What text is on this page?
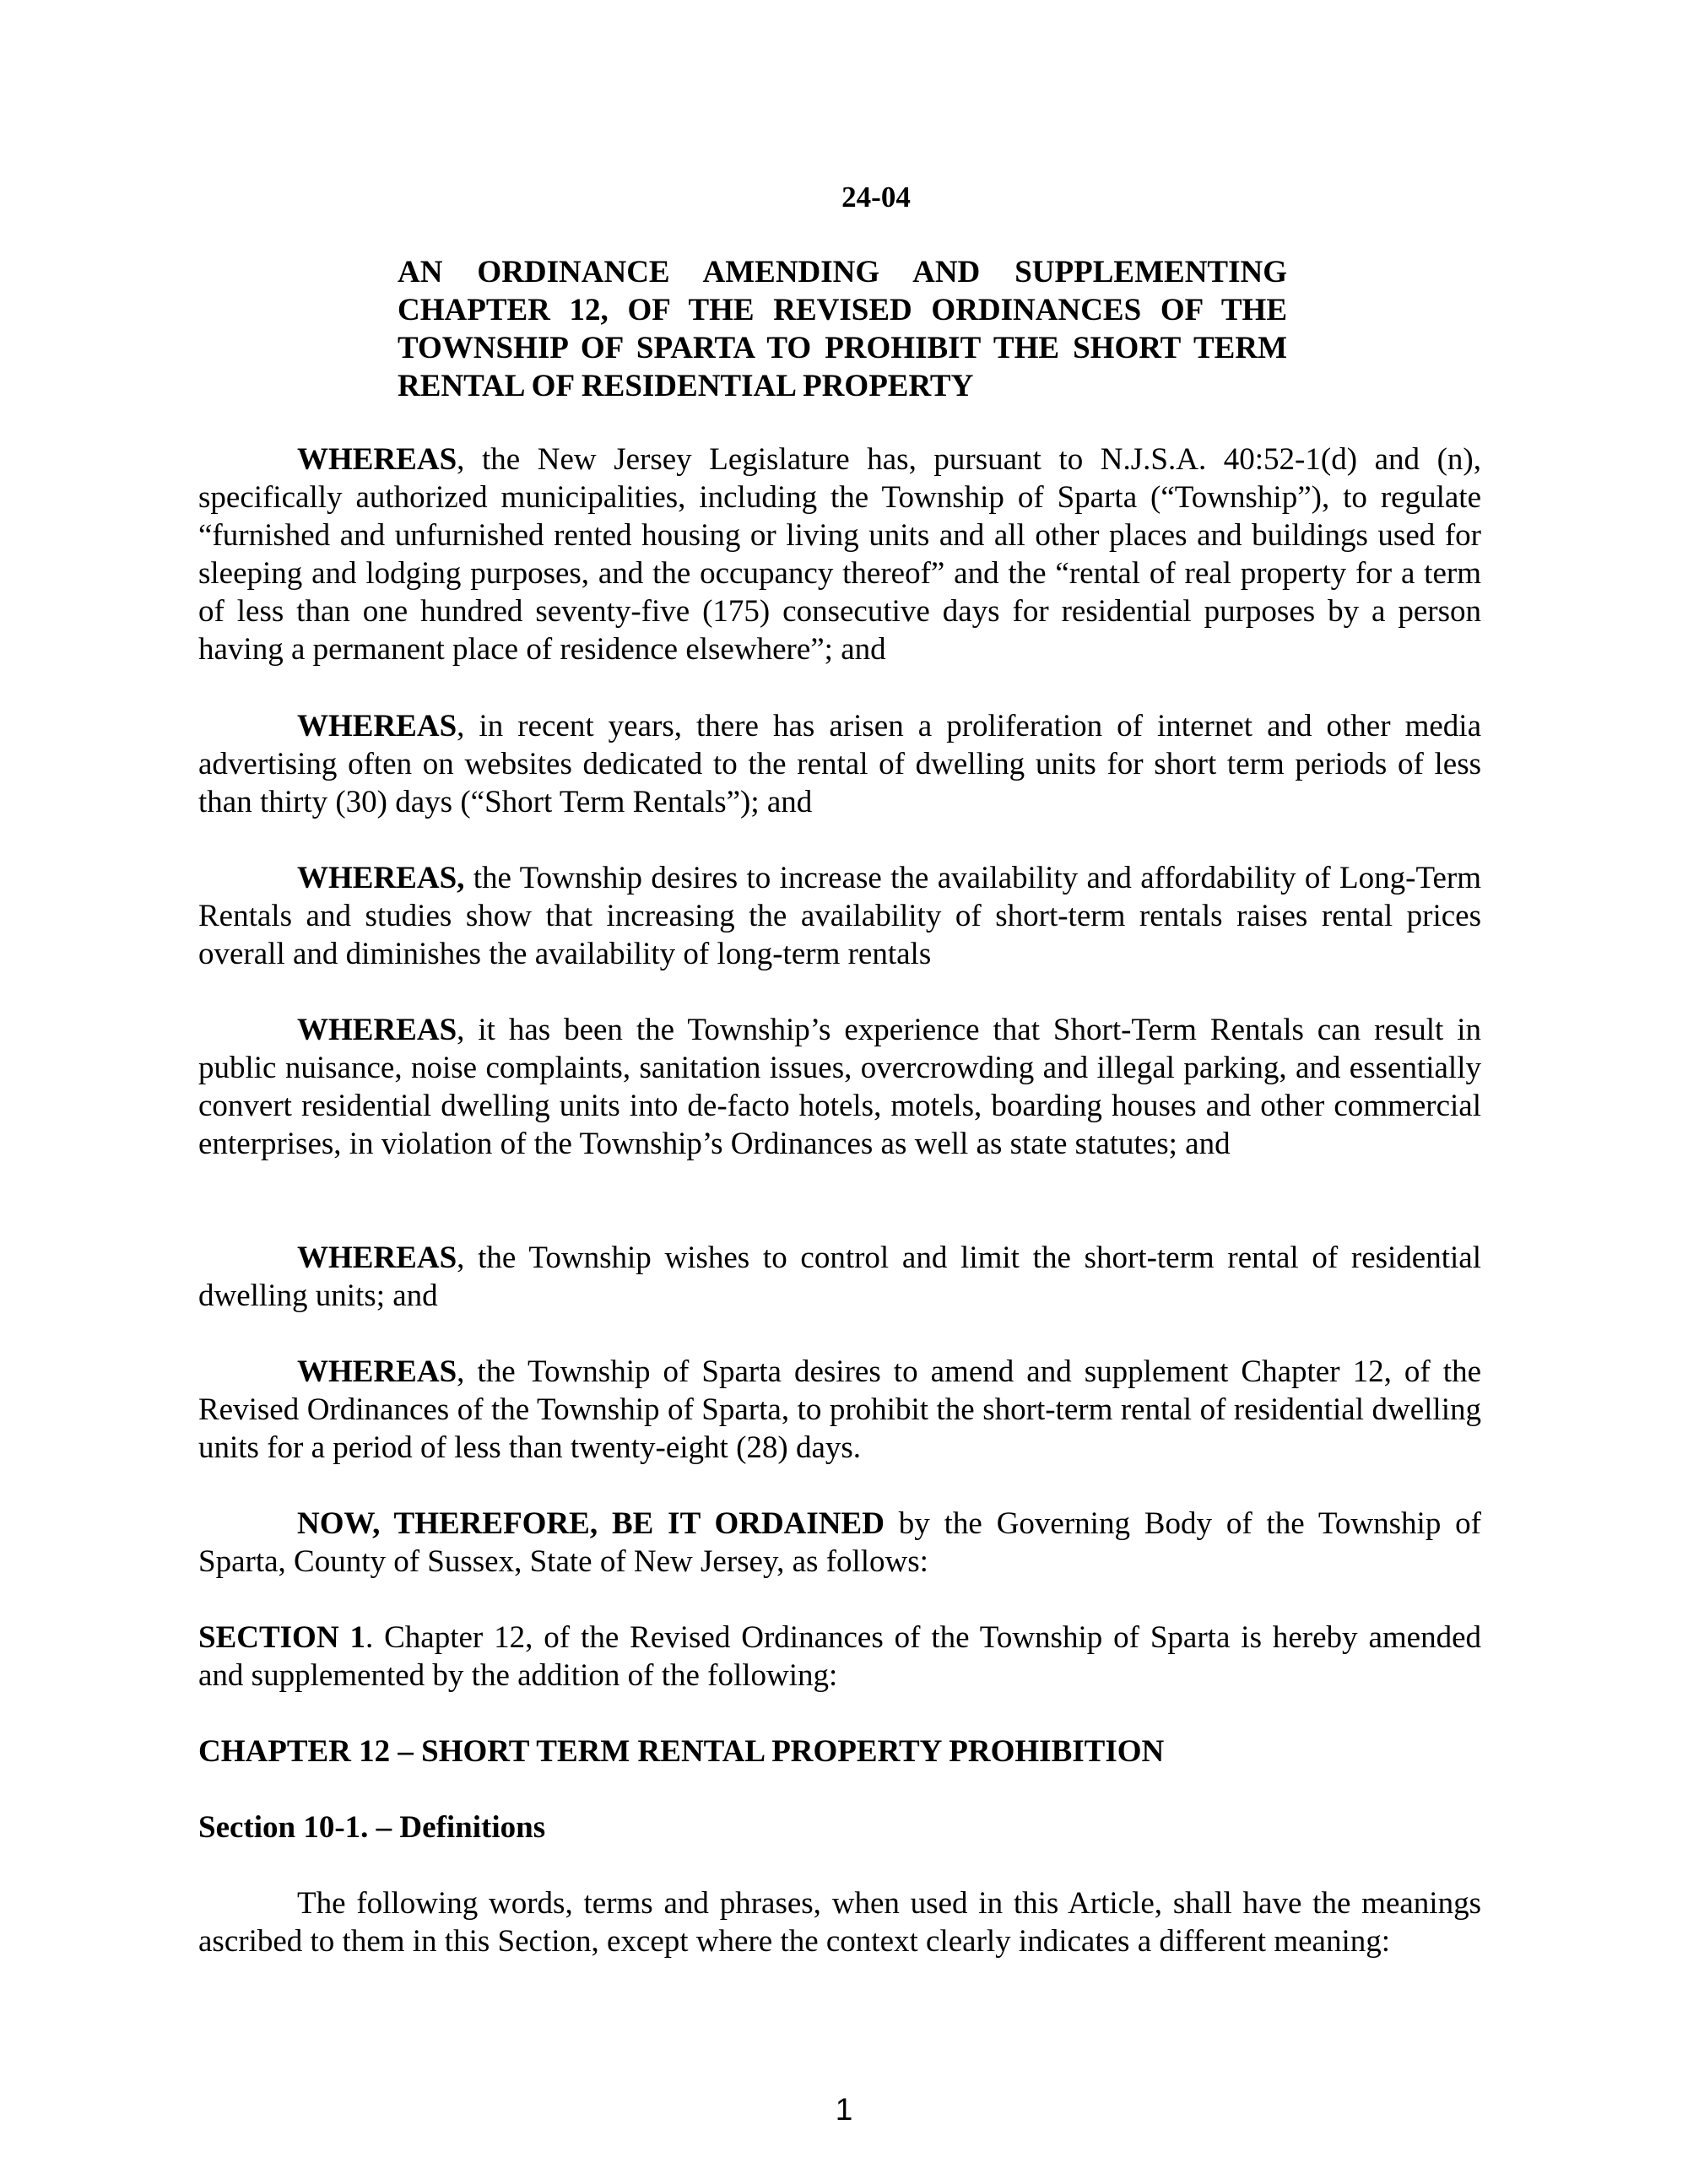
24-04
AN ORDINANCE AMENDING AND SUPPLEMENTING CHAPTER 12, OF THE REVISED ORDINANCES OF THE TOWNSHIP OF SPARTA TO PROHIBIT THE SHORT TERM RENTAL OF RESIDENTIAL PROPERTY

WHEREAS, the New Jersey Legislature has, pursuant to N.J.S.A. 40:52-1(d) and (n), specifically authorized municipalities, including the Township of Sparta (“Township”), to regulate “furnished and unfurnished rented housing or living units and all other places and buildings used for sleeping and lodging purposes, and the occupancy thereof” and the “rental of real property for a term of less than one hundred seventy-five (175) consecutive days for residential purposes by a person having a permanent place of residence elsewhere”; and

WHEREAS, in recent years, there has arisen a proliferation of internet and other media advertising often on websites dedicated to the rental of dwelling units for short term periods of less than thirty (30) days (“Short Term Rentals”); and

WHEREAS, the Township desires to increase the availability and affordability of Long-Term Rentals and studies show that increasing the availability of short-term rentals raises rental prices overall and diminishes the availability of long-term rentals

WHEREAS, it has been the Township’s experience that Short-Term Rentals can result in public nuisance, noise complaints, sanitation issues, overcrowding and illegal parking, and essentially convert residential dwelling units into de-facto hotels, motels, boarding houses and other commercial enterprises, in violation of the Township’s Ordinances as well as state statutes; and

WHEREAS, the Township wishes to control and limit the short-term rental of residential dwelling units; and

WHEREAS, the Township of Sparta desires to amend and supplement Chapter 12, of the Revised Ordinances of the Township of Sparta, to prohibit the short-term rental of residential dwelling units for a period of less than twenty-eight (28) days.

NOW, THEREFORE, BE IT ORDAINED by the Governing Body of the Township of Sparta, County of Sussex, State of New Jersey, as follows:

SECTION 1. Chapter 12, of the Revised Ordinances of the Township of Sparta is hereby amended and supplemented by the addition of the following:

CHAPTER 12 – SHORT TERM RENTAL PROPERTY PROHIBITION

Section 10-1. – Definitions

The following words, terms and phrases, when used in this Article, shall have the meanings ascribed to them in this Section, except where the context clearly indicates a different meaning:

1
